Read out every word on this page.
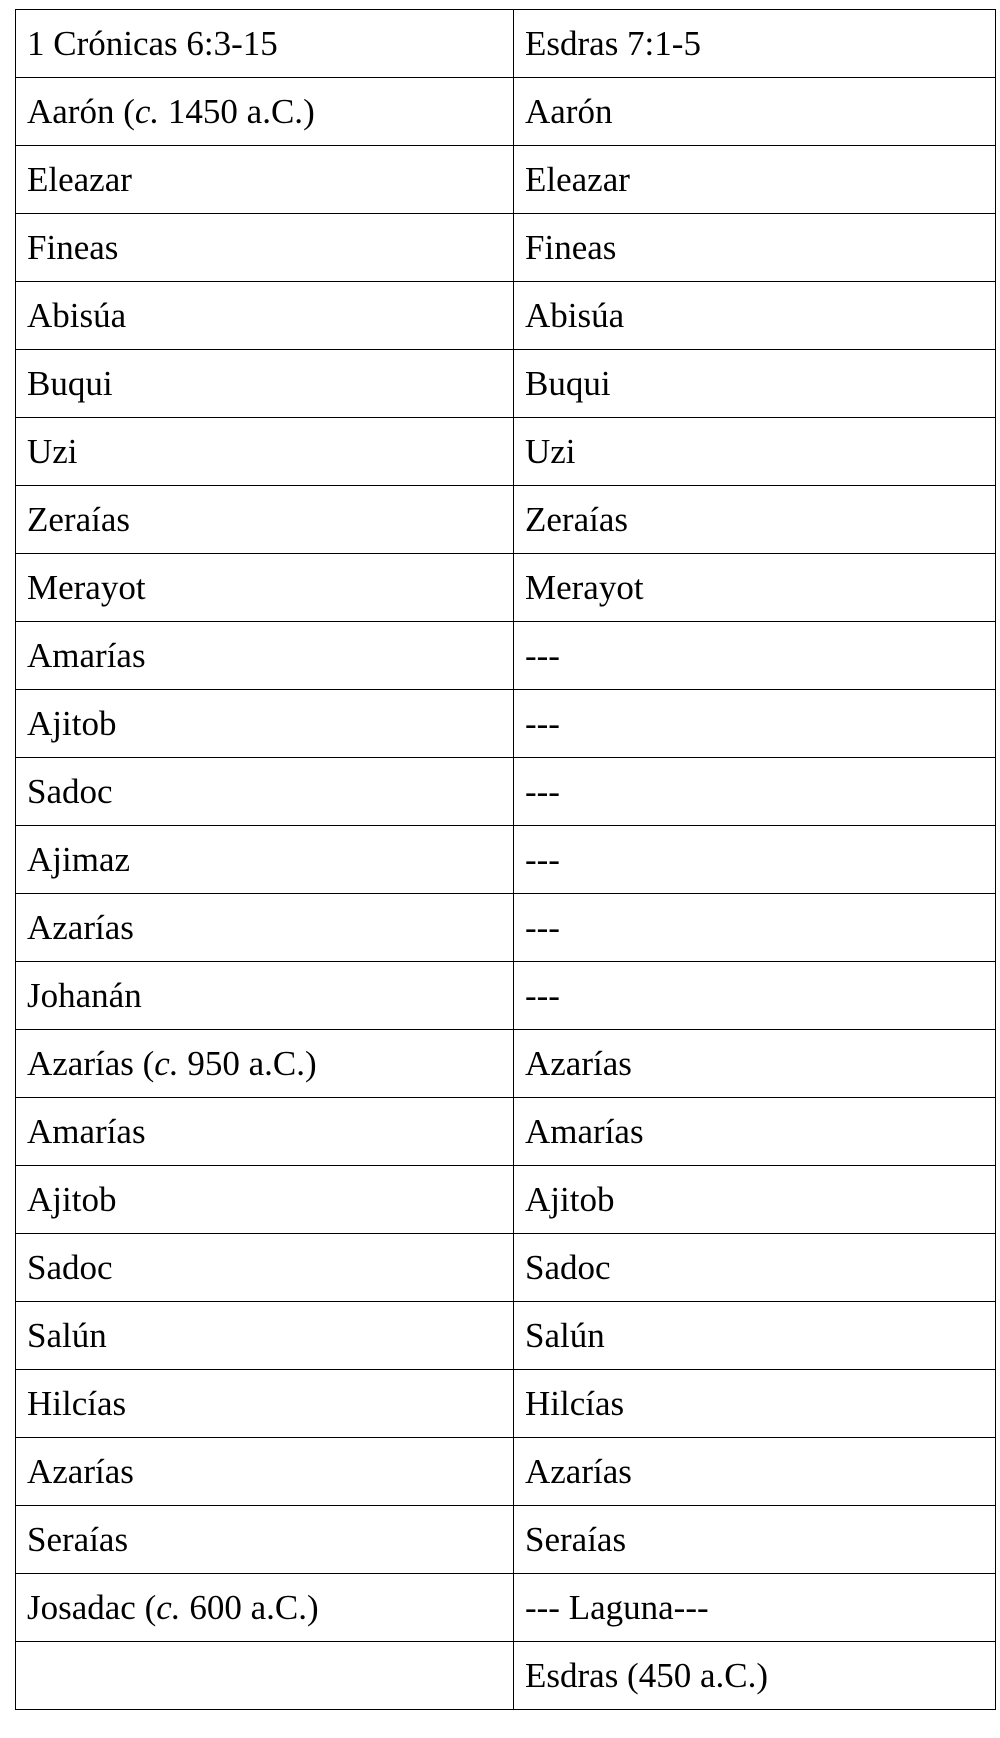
1 Crónicas 6:3-15	Esdras 7:1-5
Aarón (c. 1450 a.C.)	Aarón
Eleazar	Eleazar
Fineas	Fineas
Abisúa	Abisúa
Buqui	Buqui
Uzi	Uzi
Zeraías	Zeraías
Merayot	Merayot
Amarías	---
Ajitob	---
Sadoc	---
Ajimaz	---
Azarías	---
Johanán	---
Azarías (c. 950 a.C.)	Azarías
Amarías	Amarías
Ajitob	Ajitob
Sadoc	Sadoc
Salún	Salún
Hilcías	Hilcías
Azarías	Azarías
Seraías	Seraías
Josadac (c. 600 a.C.)	--- Laguna---
	Esdras (450 a.C.)
